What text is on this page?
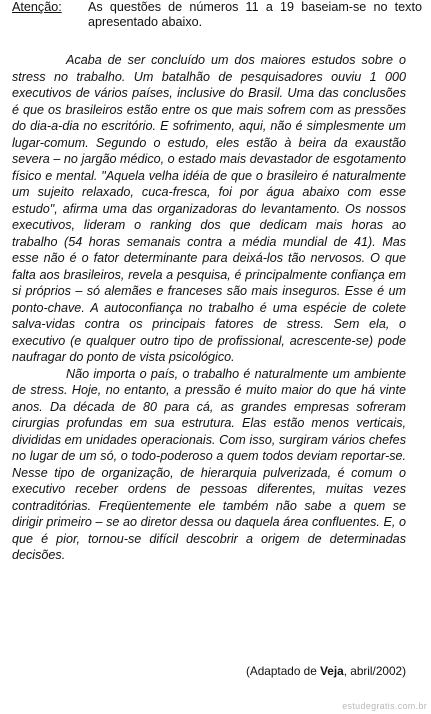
Atenção: As questões de números 11 a 19 baseiam-se no texto apresentado abaixo.

Acaba de ser concluído um dos maiores estudos sobre o stress no trabalho. Um batalhão de pesquisadores ouviu 1 000 executivos de vários países, inclusive do Brasil. Uma das conclusões é que os brasileiros estão entre os que mais sofrem com as pressões do dia-a-dia no escritório. E sofrimento, aqui, não é simplesmente um lugar-comum. Segundo o estudo, eles estão à beira da exaustão severa – no jargão médico, o estado mais devastador de esgotamento físico e mental. "Aquela velha idéia de que o brasileiro é naturalmente um sujeito relaxado, cuca-fresca, foi por água abaixo com esse estudo", afirma uma das organizadoras do levantamento. Os nossos executivos, lideram o ranking dos que dedicam mais horas ao trabalho (54 horas semanais contra a média mundial de 41). Mas esse não é o fator determinante para deixá-los tão nervosos. O que falta aos brasileiros, revela a pesquisa, é principalmente confiança em si próprios – só alemães e franceses são mais inseguros. Esse é um ponto-chave. A autoconfiança no trabalho é uma espécie de colete salva-vidas contra os principais fatores de stress. Sem ela, o executivo (e qualquer outro tipo de profissional, acrescente-se) pode naufragar do ponto de vista psicológico.

Não importa o país, o trabalho é naturalmente um ambiente de stress. Hoje, no entanto, a pressão é muito maior do que há vinte anos. Da década de 80 para cá, as grandes empresas sofreram cirurgias profundas em sua estrutura. Elas estão menos verticais, divididas em unidades operacionais. Com isso, surgiram vários chefes no lugar de um só, o todo-poderoso a quem todos deviam reportar-se. Nesse tipo de organização, de hierarquia pulverizada, é comum o executivo receber ordens de pessoas diferentes, muitas vezes contraditórias. Freqüentemente ele também não sabe a quem se dirigir primeiro – se ao diretor dessa ou daquela área confluentes. E, o que é pior, tornou-se difícil descobrir a origem de determinadas decisões.

(Adaptado de Veja, abril/2002)
estudegratis.com.br
